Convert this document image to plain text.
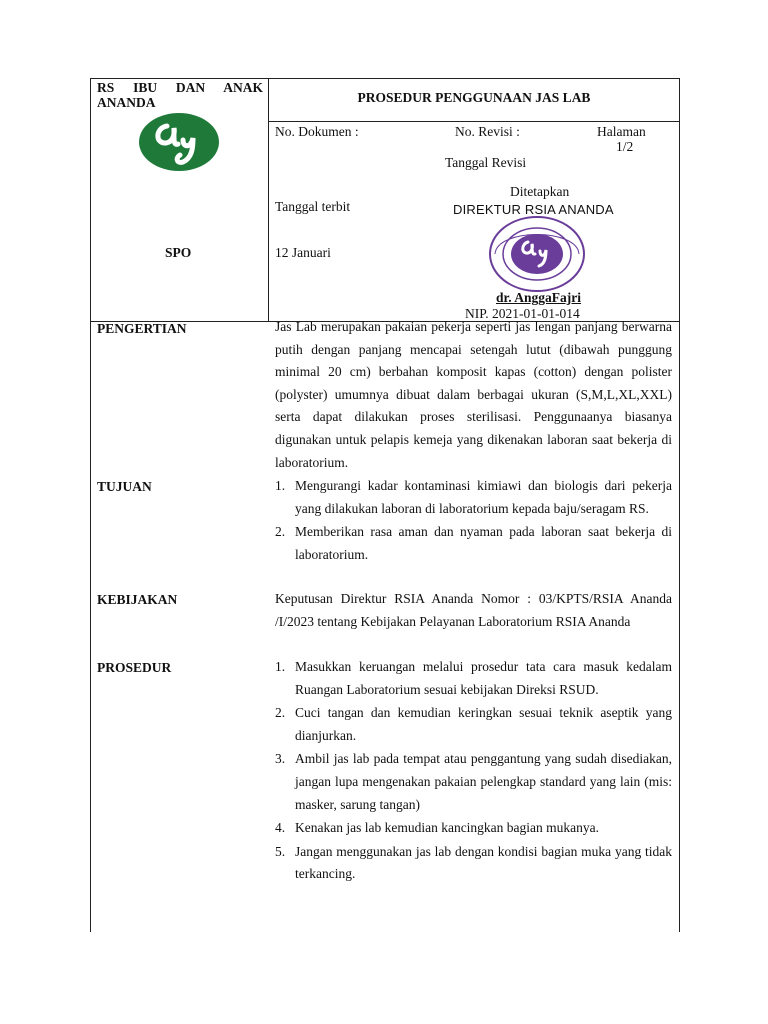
RS IBU DAN ANAK ANANDA	PROSEDUR PENGGUNAAN JAS LAB
No. Dokumen :	No. Revisi :	Halaman
1/2
Tanggal Revisi
Ditetapkan
Tanggal terbit	DIREKTUR RSIA ANANDA
SPO	12 Januari
dr. AnggaFajri
NIP. 2021-01-01-014
PENGERTIAN	Jas Lab merupakan pakaian pekerja seperti jas lengan panjang berwarna putih dengan panjang mencapai setengah lutut (dibawah punggung minimal 20 cm) berbahan komposit kapas (cotton) dengan polister (polyster) umumnya dibuat dalam berbagai ukuran (S,M,L,XL,XXL) serta dapat dilakukan proses sterilisasi. Penggunaanya biasanya digunakan untuk pelapis kemeja yang dikenakan laboran saat bekerja di laboratorium.
TUJUAN	1. Mengurangi kadar kontaminasi kimiawi dan biologis dari pekerja yang dilakukan laboran di laboratorium kepada baju/seragam RS.
2. Memberikan rasa aman dan nyaman pada laboran saat bekerja di laboratorium.
KEBIJAKAN	Keputusan Direktur RSIA Ananda Nomor : 03/KPTS/RSIA Ananda /I/2023 tentang Kebijakan Pelayanan Laboratorium RSIA Ananda
PROSEDUR	1. Masukkan keruangan melalui prosedur tata cara masuk kedalam Ruangan Laboratorium sesuai kebijakan Direksi RSUD.
2. Cuci tangan dan kemudian keringkan sesuai teknik aseptik yang dianjurkan.
3. Ambil jas lab pada tempat atau penggantung yang sudah disediakan, jangan lupa mengenakan pakaian pelengkap standard yang lain (mis: masker, sarung tangan)
4. Kenakan jas lab kemudian kancingkan bagian mukanya.
5. Jangan menggunakan jas lab dengan kondisi bagian muka yang tidak terkancing.
